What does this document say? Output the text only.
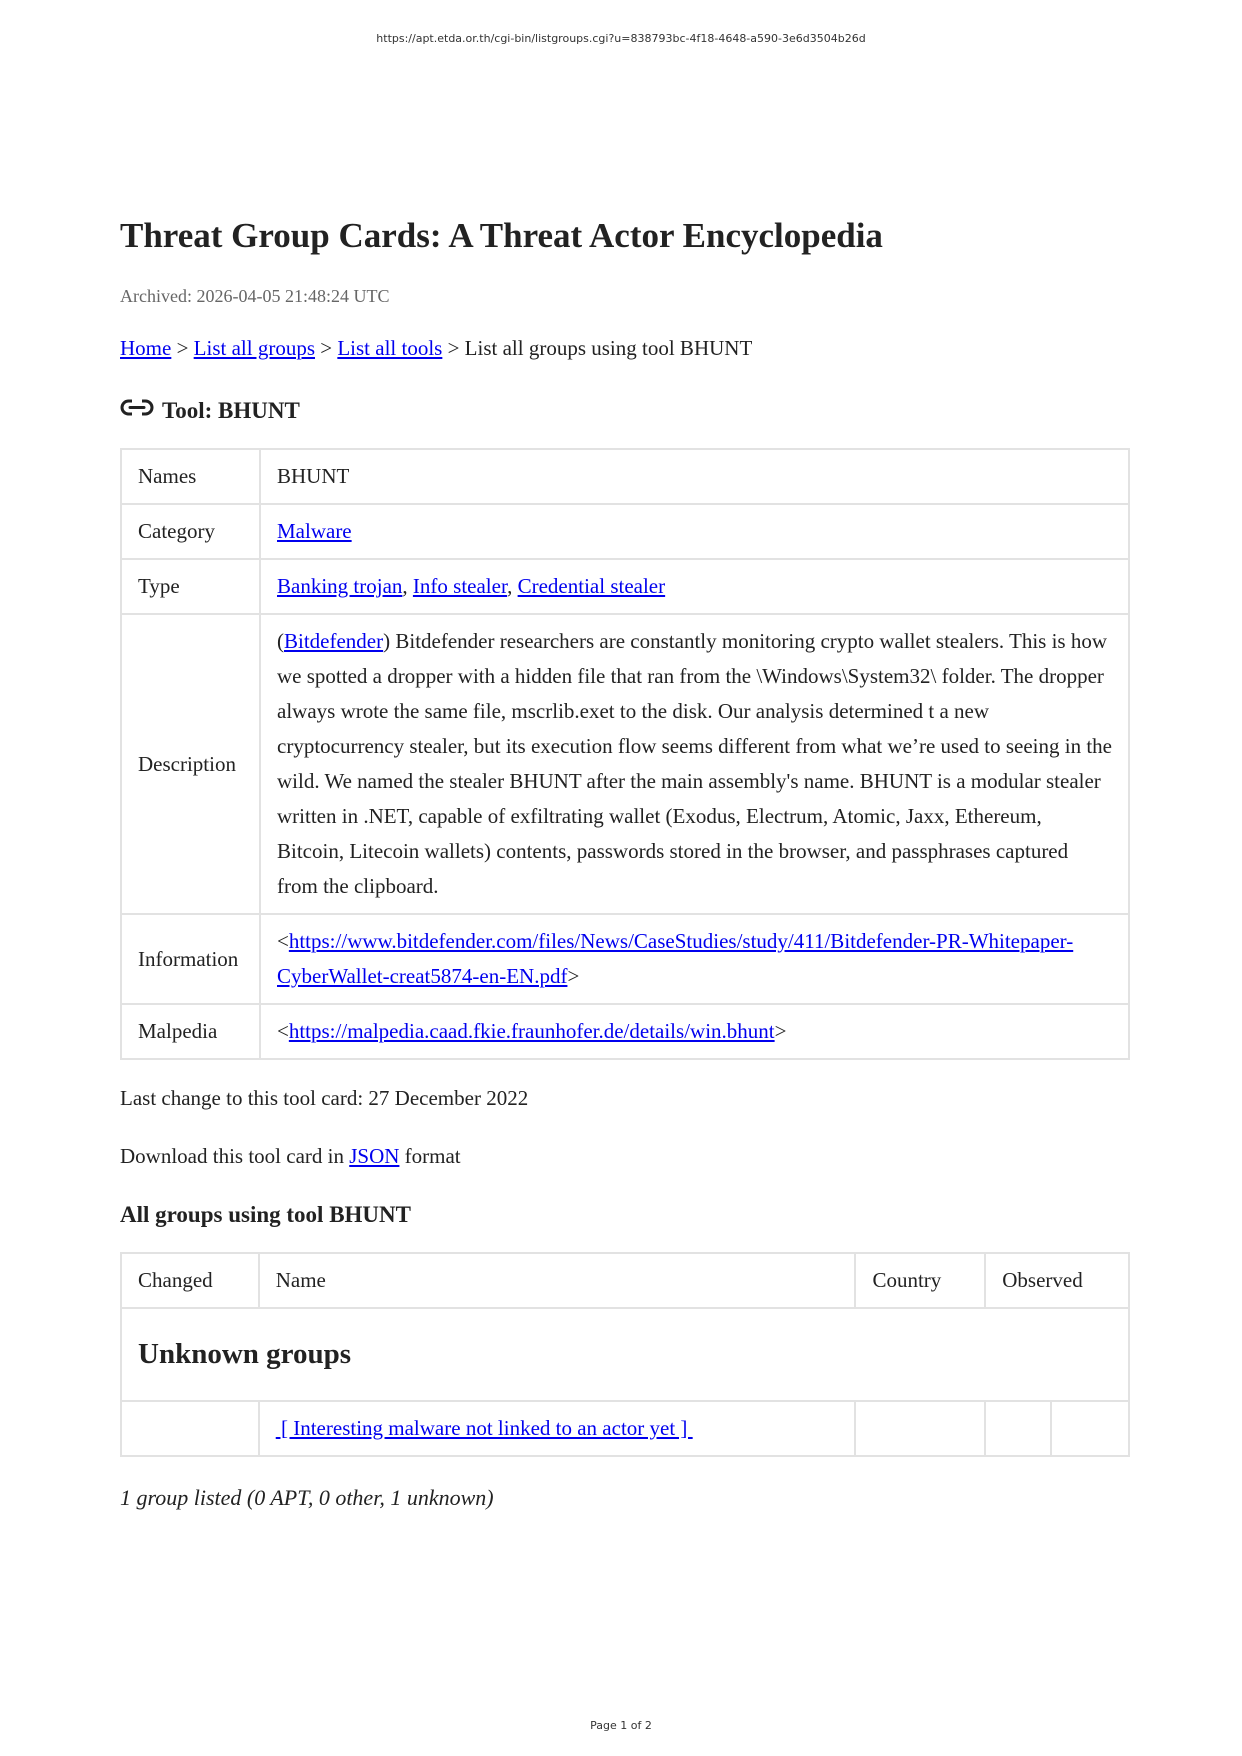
https://apt.etda.or.th/cgi-bin/listgroups.cgi?u=838793bc-4f18-4648-a590-3e6d3504b26d
Threat Group Cards: A Threat Actor Encyclopedia
Archived: 2026-04-05 21:48:24 UTC
Home > List all groups > List all tools > List all groups using tool BHUNT
Tool: BHUNT
Names	BHUNT
Category	Malware
Type	Banking trojan, Info stealer, Credential stealer
Description	(Bitdefender) Bitdefender researchers are constantly monitoring crypto wallet stealers. This is how we spotted a dropper with a hidden file that ran from the \Windows\System32\ folder. The dropper always wrote the same file, mscrlib.exet to the disk. Our analysis determined t a new cryptocurrency stealer, but its execution flow seems different from what we’re used to seeing in the wild. We named the stealer BHUNT after the main assembly's name. BHUNT is a modular stealer written in .NET, capable of exfiltrating wallet (Exodus, Electrum, Atomic, Jaxx, Ethereum, Bitcoin, Litecoin wallets) contents, passwords stored in the browser, and passphrases captured from the clipboard.
Information	<https://www.bitdefender.com/files/News/CaseStudies/study/411/Bitdefender-PR-Whitepaper-CyberWallet-creat5874-en-EN.pdf>
Malpedia	<https://malpedia.caad.fkie.fraunhofer.de/details/win.bhunt>
Last change to this tool card: 27 December 2022
Download this tool card in JSON format
All groups using tool BHUNT
Changed	Name	Country	Observed	
Unknown groups				
	[ Interesting malware not linked to an actor yet ]			
1 group listed (0 APT, 0 other, 1 unknown)
Page 1 of 2
